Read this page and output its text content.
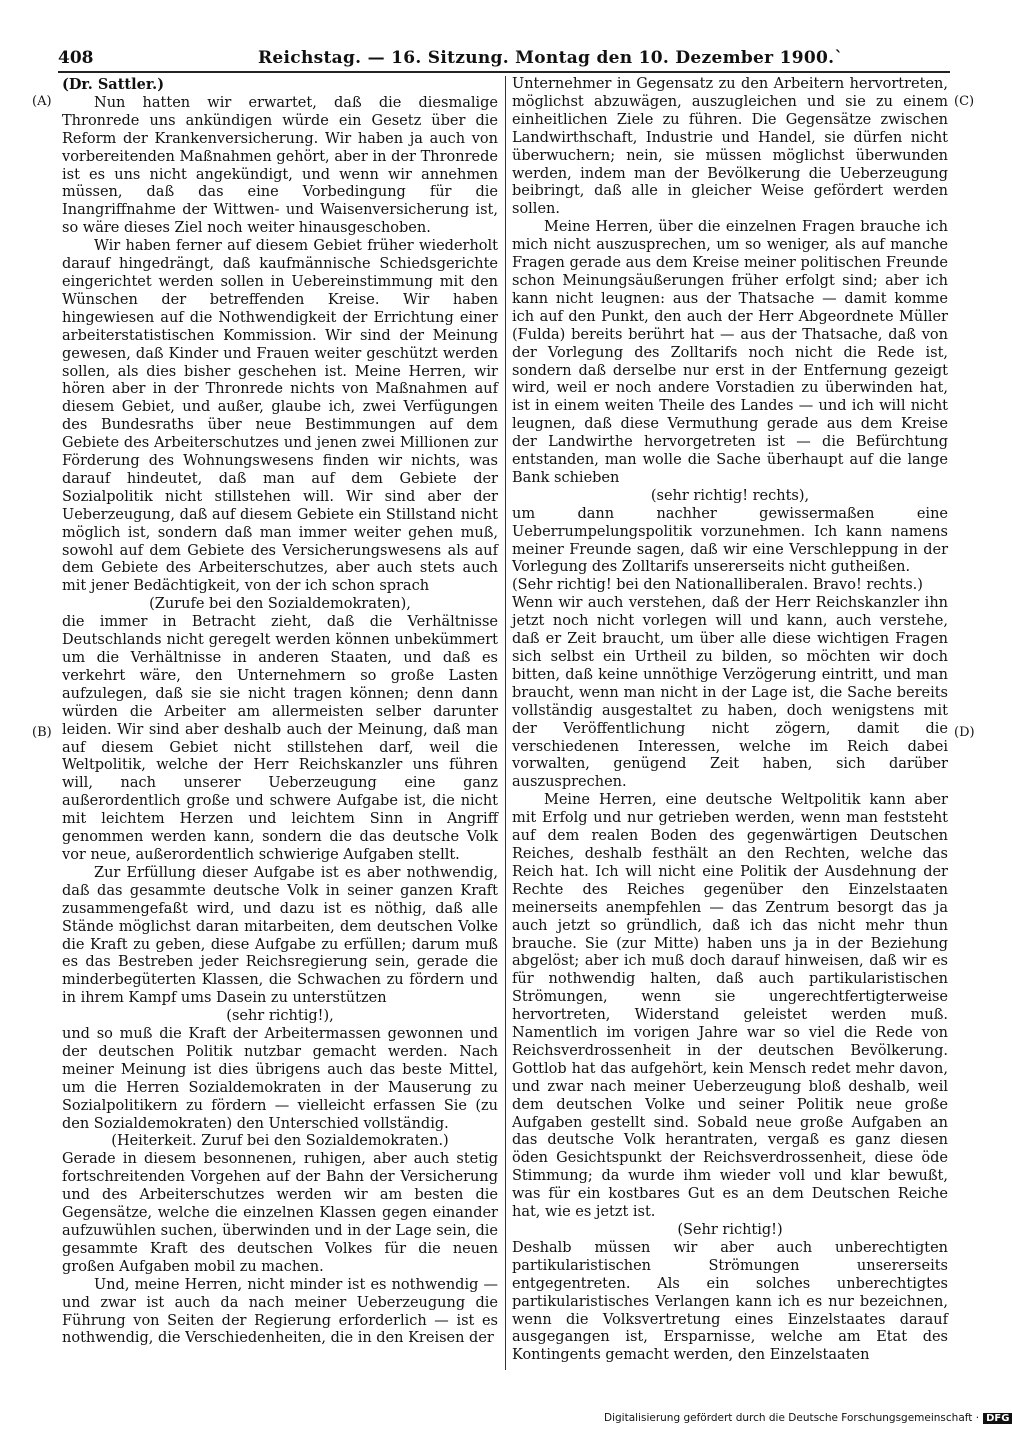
408	Reichstag. — 16. Sitzung. Montag den 10. Dezember 1900.`
(A)
(B)
(C)
(D)

(Dr. Sattler.)

Nun hatten wir erwartet, daß die diesmalige Thronrede uns ankündigen würde ein Gesetz über die Reform der Krankenversicherung. Wir haben ja auch von vorbereitenden Maßnahmen gehört, aber in der Thronrede ist es uns nicht angekündigt, und wenn wir annehmen müssen, daß das eine Vorbedingung für die Inangriffnahme der Wittwen- und Waisenversicherung ist, so wäre dieses Ziel noch weiter hinausgeschoben.

Wir haben ferner auf diesem Gebiet früher wiederholt darauf hingedrängt, daß kaufmännische Schiedsgerichte eingerichtet werden sollen in Uebereinstimmung mit den Wünschen der betreffenden Kreise. Wir haben hingewiesen auf die Nothwendigkeit der Errichtung einer arbeiterstatistischen Kommission. Wir sind der Meinung gewesen, daß Kinder und Frauen weiter geschützt werden sollen, als dies bisher geschehen ist. Meine Herren, wir hören aber in der Thronrede nichts von Maßnahmen auf diesem Gebiet, und außer, glaube ich, zwei Verfügungen des Bundesraths über neue Bestimmungen auf dem Gebiete des Arbeiterschutzes und jenen zwei Millionen zur Förderung des Wohnungswesens finden wir nichts, was darauf hindeutet, daß man auf dem Gebiete der Sozialpolitik nicht stillstehen will. Wir sind aber der Ueberzeugung, daß auf diesem Gebiete ein Stillstand nicht möglich ist, sondern daß man immer weiter gehen muß, sowohl auf dem Gebiete des Versicherungswesens als auf dem Gebiete des Arbeiterschutzes, aber auch stets auch mit jener Bedächtigkeit, von der ich schon sprach

(Zurufe bei den Sozialdemokraten),

die immer in Betracht zieht, daß die Verhältnisse Deutschlands nicht geregelt werden können unbekümmert um die Verhältnisse in anderen Staaten, und daß es verkehrt wäre, den Unternehmern so große Lasten aufzulegen, daß sie sie nicht tragen können; denn dann würden die Arbeiter am allermeisten selber darunter leiden. Wir sind aber deshalb auch der Meinung, daß man auf diesem Gebiet nicht stillstehen darf, weil die Weltpolitik, welche der Herr Reichskanzler uns führen will, nach unserer Ueberzeugung eine ganz außerordentlich große und schwere Aufgabe ist, die nicht mit leichtem Herzen und leichtem Sinn in Angriff genommen werden kann, sondern die das deutsche Volk vor neue, außerordentlich schwierige Aufgaben stellt.

Zur Erfüllung dieser Aufgabe ist es aber nothwendig, daß das gesammte deutsche Volk in seiner ganzen Kraft zusammengefaßt wird, und dazu ist es nöthig, daß alle Stände möglichst daran mitarbeiten, dem deutschen Volke die Kraft zu geben, diese Aufgabe zu erfüllen; darum muß es das Bestreben jeder Reichsregierung sein, gerade die minderbegüterten Klassen, die Schwachen zu fördern und in ihrem Kampf ums Dasein zu unterstützen

(sehr richtig!),

und so muß die Kraft der Arbeitermassen gewonnen und der deutschen Politik nutzbar gemacht werden. Nach meiner Meinung ist dies übrigens auch das beste Mittel, um die Herren Sozialdemokraten in der Mauserung zu Sozialpolitikern zu fördern — vielleicht erfassen Sie (zu den Sozialdemokraten) den Unterschied vollständig.

(Heiterkeit. Zuruf bei den Sozialdemokraten.)

Gerade in diesem besonnenen, ruhigen, aber auch stetig fortschreitenden Vorgehen auf der Bahn der Versicherung und des Arbeiterschutzes werden wir am besten die Gegensätze, welche die einzelnen Klassen gegen einander aufzuwühlen suchen, überwinden und in der Lage sein, die gesammte Kraft des deutschen Volkes für die neuen großen Aufgaben mobil zu machen.

Und, meine Herren, nicht minder ist es nothwendig — und zwar ist auch da nach meiner Ueberzeugung die Führung von Seiten der Regierung erforderlich — ist es nothwendig, die Verschiedenheiten, die in den Kreisen der

Unternehmer in Gegensatz zu den Arbeitern hervortreten, möglichst abzuwägen, auszugleichen und sie zu einem einheitlichen Ziele zu führen. Die Gegensätze zwischen Landwirthschaft, Industrie und Handel, sie dürfen nicht überwuchern; nein, sie müssen möglichst überwunden werden, indem man der Bevölkerung die Ueberzeugung beibringt, daß alle in gleicher Weise gefördert werden sollen.

Meine Herren, über die einzelnen Fragen brauche ich mich nicht auszusprechen, um so weniger, als auf manche Fragen gerade aus dem Kreise meiner politischen Freunde schon Meinungsäußerungen früher erfolgt sind; aber ich kann nicht leugnen: aus der Thatsache — damit komme ich auf den Punkt, den auch der Herr Abgeordnete Müller (Fulda) bereits berührt hat — aus der Thatsache, daß von der Vorlegung des Zolltarifs noch nicht die Rede ist, sondern daß derselbe nur erst in der Entfernung gezeigt wird, weil er noch andere Vorstadien zu überwinden hat, ist in einem weiten Theile des Landes — und ich will nicht leugnen, daß diese Vermuthung gerade aus dem Kreise der Landwirthe hervorgetreten ist — die Befürchtung entstanden, man wolle die Sache überhaupt auf die lange Bank schieben

(sehr richtig! rechts),

um dann nachher gewissermaßen eine Ueberrumpelungspolitik vorzunehmen. Ich kann namens meiner Freunde sagen, daß wir eine Verschleppung in der Vorlegung des Zolltarifs unsererseits nicht gutheißen.

(Sehr richtig! bei den Nationalliberalen. Bravo! rechts.)

Wenn wir auch verstehen, daß der Herr Reichskanzler ihn jetzt noch nicht vorlegen will und kann, auch verstehe, daß er Zeit braucht, um über alle diese wichtigen Fragen sich selbst ein Urtheil zu bilden, so möchten wir doch bitten, daß keine unnöthige Verzögerung eintritt, und man braucht, wenn man nicht in der Lage ist, die Sache bereits vollständig ausgestaltet zu haben, doch wenigstens mit der Veröffentlichung nicht zögern, damit die verschiedenen Interessen, welche im Reich dabei vorwalten, genügend Zeit haben, sich darüber auszusprechen.

Meine Herren, eine deutsche Weltpolitik kann aber mit Erfolg und nur getrieben werden, wenn man feststeht auf dem realen Boden des gegenwärtigen Deutschen Reiches, deshalb festhält an den Rechten, welche das Reich hat. Ich will nicht eine Politik der Ausdehnung der Rechte des Reiches gegenüber den Einzelstaaten meinerseits anempfehlen — das Zentrum besorgt das ja auch jetzt so gründlich, daß ich das nicht mehr thun brauche. Sie (zur Mitte) haben uns ja in der Beziehung abgelöst; aber ich muß doch darauf hinweisen, daß wir es für nothwendig halten, daß auch partikularistischen Strömungen, wenn sie ungerechtfertigterweise hervortreten, Widerstand geleistet werden muß. Namentlich im vorigen Jahre war so viel die Rede von Reichsverdrossenheit in der deutschen Bevölkerung. Gottlob hat das aufgehört, kein Mensch redet mehr davon, und zwar nach meiner Ueberzeugung bloß deshalb, weil dem deutschen Volke und seiner Politik neue große Aufgaben gestellt sind. Sobald neue große Aufgaben an das deutsche Volk herantraten, vergaß es ganz diesen öden Gesichtspunkt der Reichsverdrossenheit, diese öde Stimmung; da wurde ihm wieder voll und klar bewußt, was für ein kostbares Gut es an dem Deutschen Reiche hat, wie es jetzt ist.

(Sehr richtig!)

Deshalb müssen wir aber auch unberechtigten partikularistischen Strömungen unsererseits entgegentreten. Als ein solches unberechtigtes partikularistisches Verlangen kann ich es nur bezeichnen, wenn die Volksvertretung eines Einzelstaates darauf ausgegangen ist, Ersparnisse, welche am Etat des Kontingents gemacht werden, den Einzelstaaten

Digitalisierung gefördert durch die Deutsche Forschungsgemeinschaft · DFG
